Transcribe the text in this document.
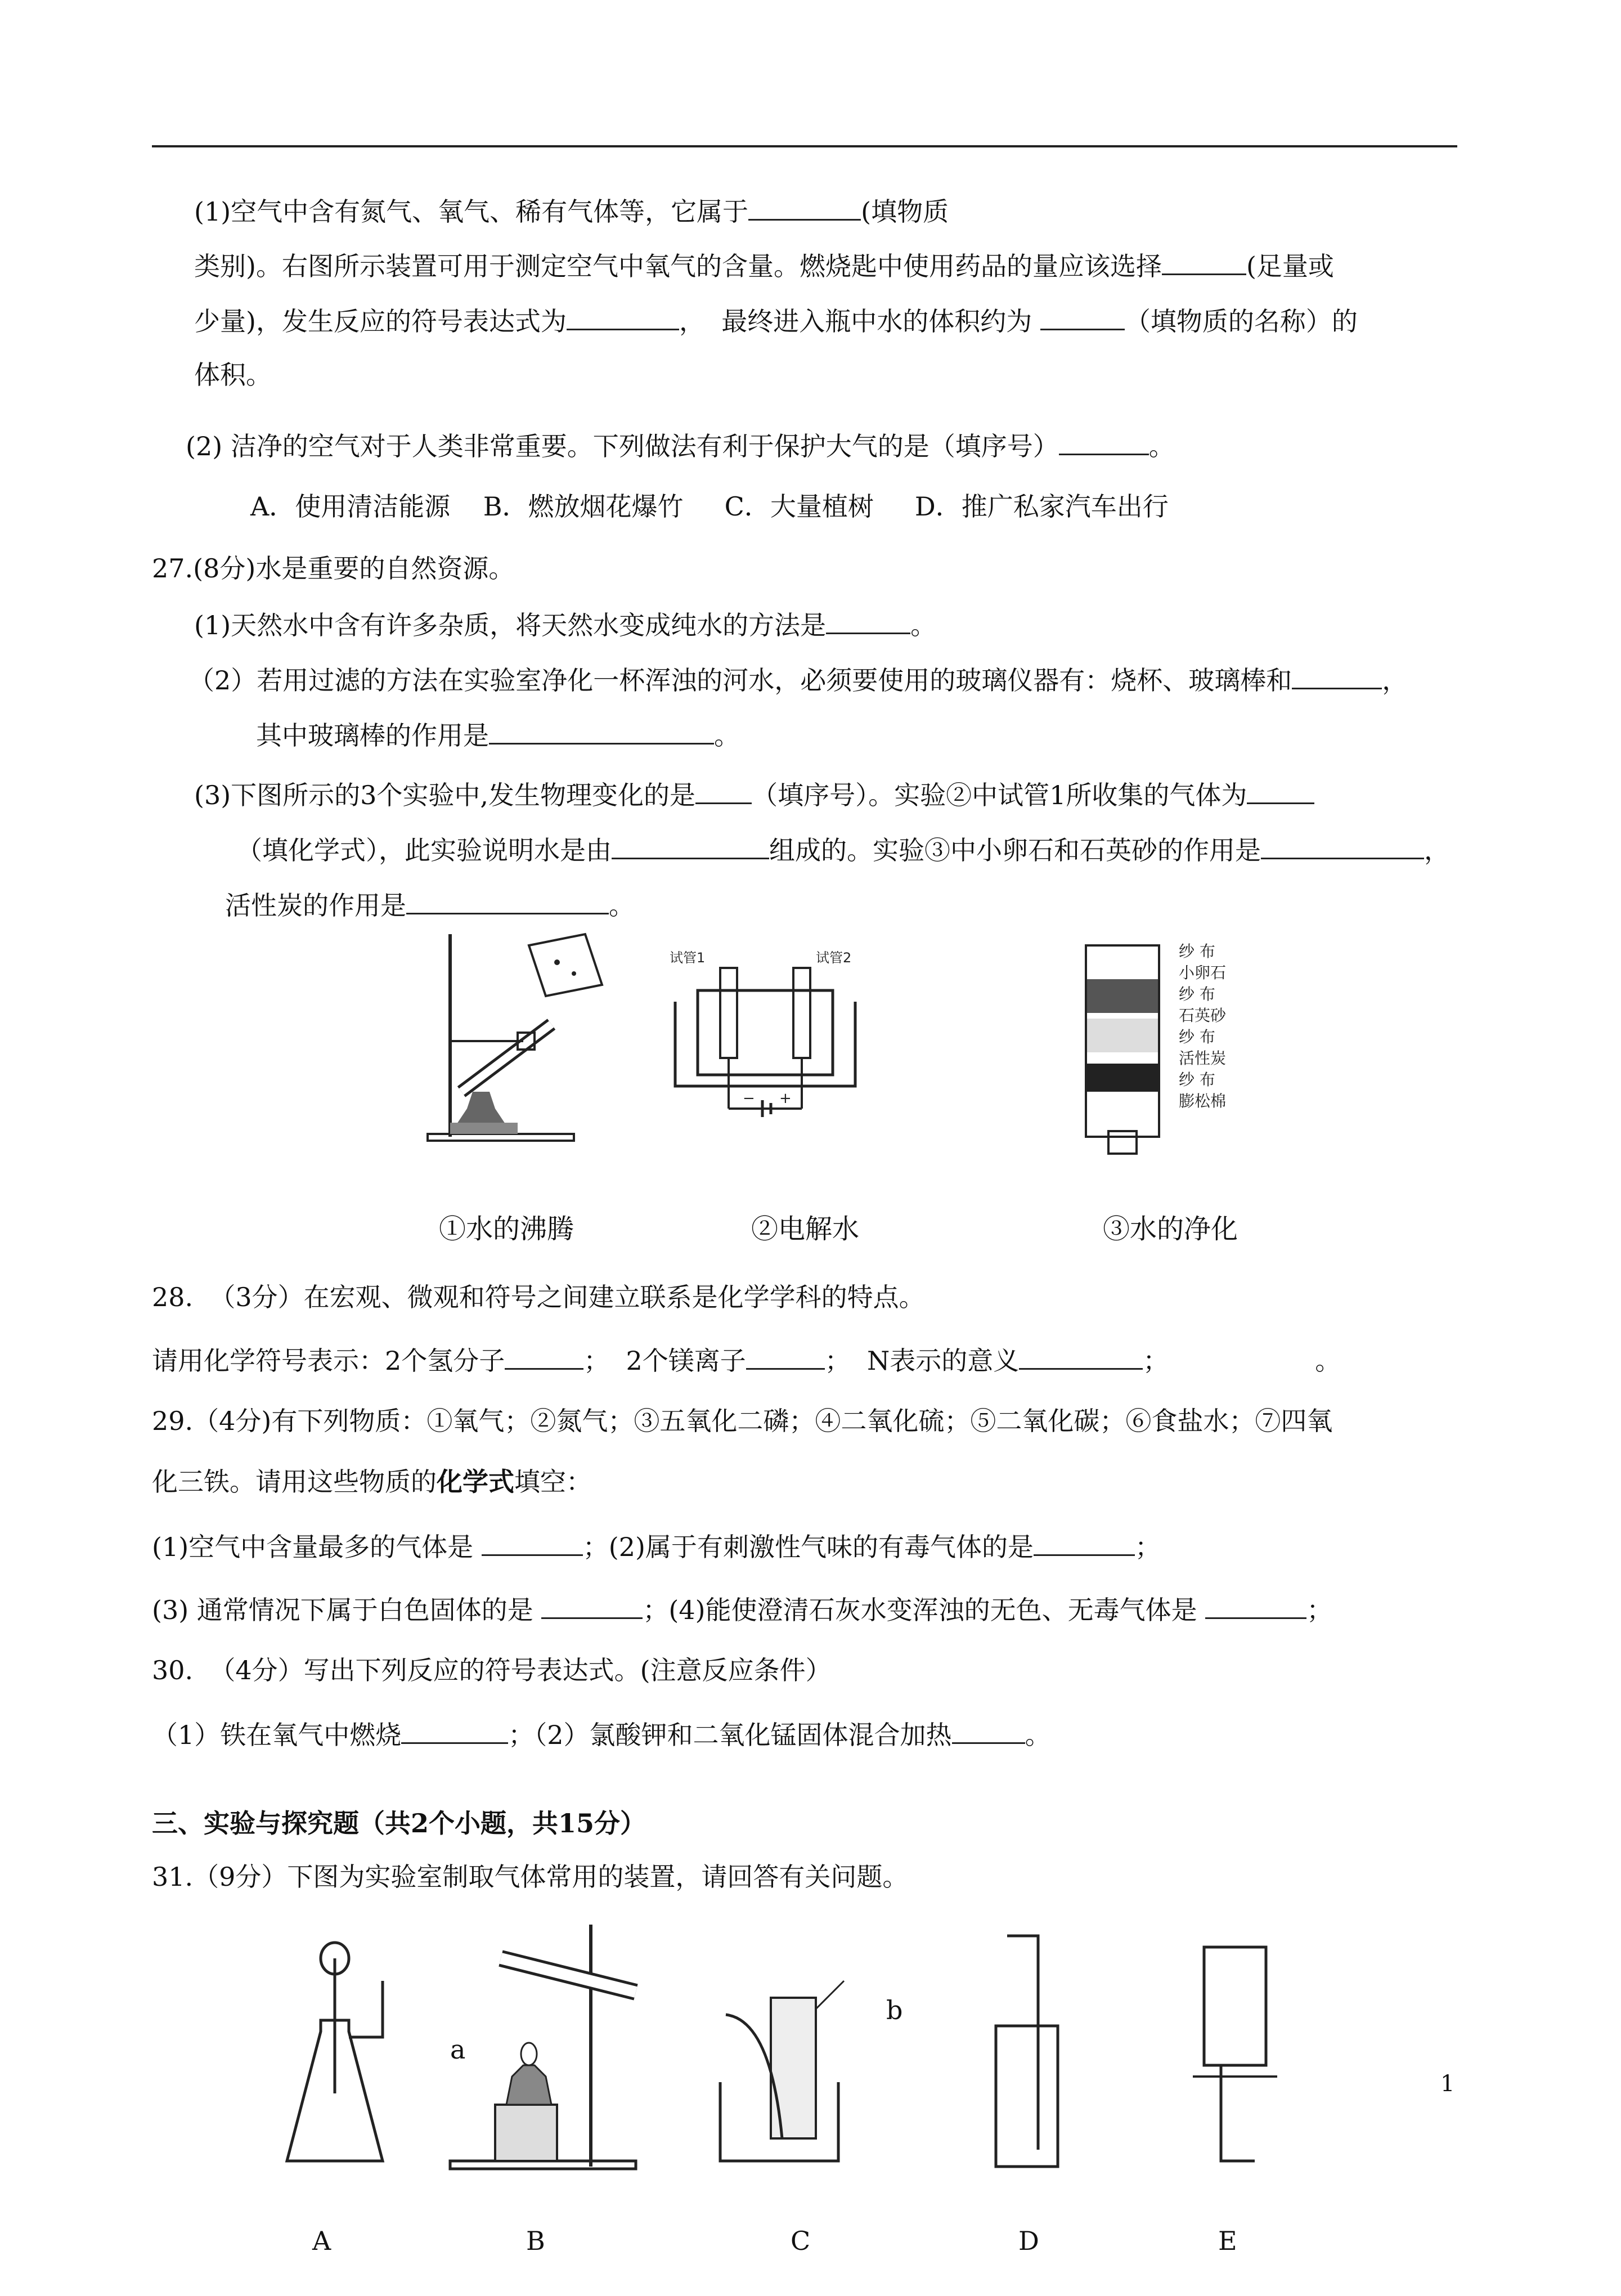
(1)空气中含有氮气、氧气、稀有气体等，它属于	(填物质
类别)。右图所示装置可用于测定空气中氧气的含量。燃烧匙中使用药品的量应该选择	(足量或
少量)，发生反应的符号表达式为	，  最终进入瓶中水的体积约为	（填物质的名称）的
体积。
(2) 洁净的空气对于人类非常重要。下列做法有利于保护大气的是（填序号）	。
A．使用清洁能源    B．燃放烟花爆竹     C．大量植树     D．推广私家汽车出行
27.(8分)水是重要的自然资源。
(1)天然水中含有许多杂质，将天然水变成纯水的方法是	。
（2）若用过滤的方法在实验室净化一杯浑浊的河水，必须要使用的玻璃仪器有：烧杯、玻璃棒和	，
其中玻璃棒的作用是	。
(3)下图所示的3个实验中,发生物理变化的是 （填序号）。实验②中试管1所收集的气体为
（填化学式），此实验说明水是由	组成的。实验③中小卵石和石英砂的作用是	，
活性炭的作用是	。
试管1	试管2
− +
纱 布
小卵石
纱 布
石英砂
纱 布
活性炭
纱 布
膨松棉
①水的沸腾	②电解水	③水的净化
28.  （3分）在宏观、微观和符号之间建立联系是化学学科的特点。
请用化学符号表示：2个氢分子	；  2个镁离子	；  N表示的意义	；	。
29.（4分)有下列物质：①氧气；②氮气；③五氧化二磷；④二氧化硫；⑤二氧化碳；⑥食盐水；⑦四氧
化三铁。请用这些物质的化学式填空：
(1)空气中含量最多的气体是	；(2)属于有刺激性气味的有毒气体的是	；
(3) 通常情况下属于白色固体的是	；(4)能使澄清石灰水变浑浊的无色、无毒气体是	；
30.  （4分）写出下列反应的符号表达式。(注意反应条件）
（1）铁在氧气中燃烧	；（2）氯酸钾和二氧化锰固体混合加热	。
三、实验与探究题（共2个小题，共15分）
31.（9分）下图为实验室制取气体常用的装置，请回答有关问题。
a
b
A	B	C	D	E
1
